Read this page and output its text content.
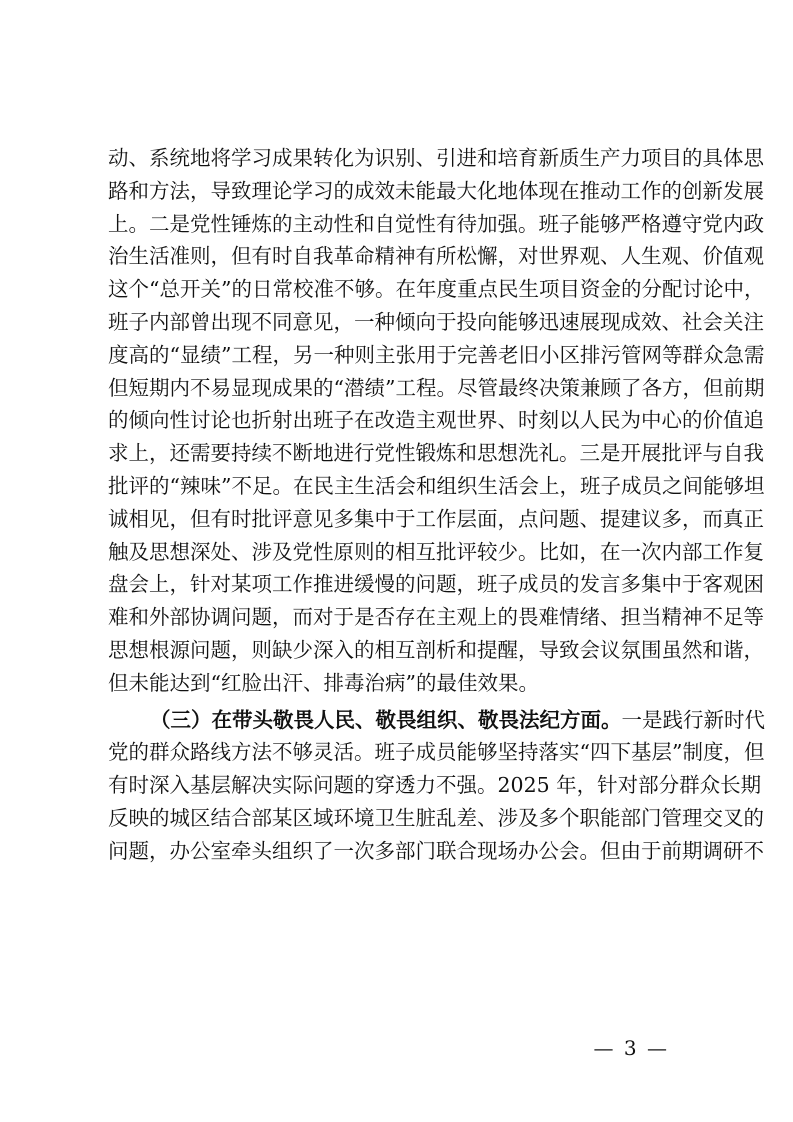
动、系统地将学习成果转化为识别、引进和培育新质生产力项目的具体思
路和方法，导致理论学习的成效未能最大化地体现在推动工作的创新发展
上。二是党性锤炼的主动性和自觉性有待加强。班子能够严格遵守党内政
治生活准则，但有时自我革命精神有所松懈，对世界观、人生观、价值观
这个“总开关”的日常校准不够。在年度重点民生项目资金的分配讨论中，
班子内部曾出现不同意见，一种倾向于投向能够迅速展现成效、社会关注
度高的“显绩”工程，另一种则主张用于完善老旧小区排污管网等群众急需
但短期内不易显现成果的“潜绩”工程。尽管最终决策兼顾了各方，但前期
的倾向性讨论也折射出班子在改造主观世界、时刻以人民为中心的价值追
求上，还需要持续不断地进行党性锻炼和思想洗礼。三是开展批评与自我
批评的“辣味”不足。在民主生活会和组织生活会上，班子成员之间能够坦
诚相见，但有时批评意见多集中于工作层面，点问题、提建议多，而真正
触及思想深处、涉及党性原则的相互批评较少。比如，在一次内部工作复
盘会上，针对某项工作推进缓慢的问题，班子成员的发言多集中于客观困
难和外部协调问题，而对于是否存在主观上的畏难情绪、担当精神不足等
思想根源问题，则缺少深入的相互剖析和提醒，导致会议氛围虽然和谐，
但未能达到“红脸出汗、排毒治病”的最佳效果。
（三）在带头敬畏人民、敬畏组织、敬畏法纪方面。一是践行新时代
党的群众路线方法不够灵活。班子成员能够坚持落实“四下基层”制度，但
有时深入基层解决实际问题的穿透力不强。2025 年，针对部分群众长期
反映的城区结合部某区域环境卫生脏乱差、涉及多个职能部门管理交叉的
问题，办公室牵头组织了一次多部门联合现场办公会。但由于前期调研不
— 3 —
